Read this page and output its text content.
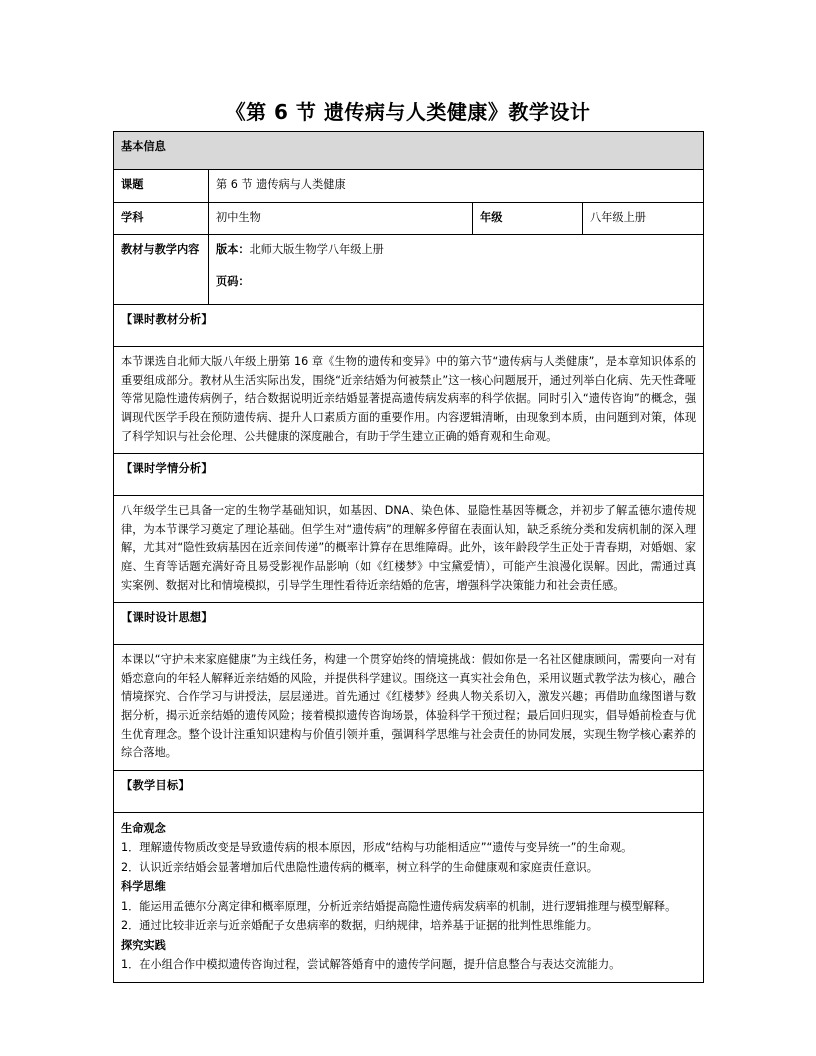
《第 6 节 遗传病与人类健康》教学设计
基本信息			
课题	第 6 节 遗传病与人类健康		
学科	初中生物	年级	八年级上册
教材与教学内容	版本：北师大版生物学八年级上册

页码：		

【课时教材分析】			

本节课选自北师大版八年级上册第 16 章《生物的遗传和变异》中的第六节“遗传病与人类健康”，是本章知识体系的重要组成部分。教材从生活实际出发，围绕“近亲结婚为何被禁止”这一核心问题展开，通过列举白化病、先天性聋哑等常见隐性遗传病例子，结合数据说明近亲结婚显著提高遗传病发病率的科学依据。同时引入“遗传咨询”的概念，强调现代医学手段在预防遗传病、提升人口素质方面的重要作用。内容逻辑清晰，由现象到本质，由问题到对策，体现了科学知识与社会伦理、公共健康的深度融合，有助于学生建立正确的婚育观和生命观。			

【课时学情分析】			

八年级学生已具备一定的生物学基础知识，如基因、DNA、染色体、显隐性基因等概念，并初步了解孟德尔遗传规律，为本节课学习奠定了理论基础。但学生对“遗传病”的理解多停留在表面认知，缺乏系统分类和发病机制的深入理解，尤其对“隐性致病基因在近亲间传递”的概率计算存在思维障碍。此外，该年龄段学生正处于青春期，对婚姻、家庭、生育等话题充满好奇且易受影视作品影响（如《红楼梦》中宝黛爱情），可能产生浪漫化误解。因此，需通过真实案例、数据对比和情境模拟，引导学生理性看待近亲结婚的危害，增强科学决策能力和社会责任感。			

【课时设计思想】			

本课以“守护未来家庭健康”为主线任务，构建一个贯穿始终的情境挑战：假如你是一名社区健康顾问，需要向一对有婚恋意向的年轻人解释近亲结婚的风险，并提供科学建议。围绕这一真实社会角色，采用议题式教学法为核心，融合情境探究、合作学习与讲授法，层层递进。首先通过《红楼梦》经典人物关系切入，激发兴趣；再借助血缘图谱与数据分析，揭示近亲结婚的遗传风险；接着模拟遗传咨询场景，体验科学干预过程；最后回归现实，倡导婚前检查与优生优育理念。整个设计注重知识建构与价值引领并重，强调科学思维与社会责任的协同发展，实现生物学核心素养的综合落地。			

【教学目标】			

生命观念

1．理解遗传物质改变是导致遗传病的根本原因，形成“结构与功能相适应”“遗传与变异统一”的生命观。

2．认识近亲结婚会显著增加后代患隐性遗传病的概率，树立科学的生命健康观和家庭责任意识。

科学思维

1．能运用孟德尔分离定律和概率原理，分析近亲结婚提高隐性遗传病发病率的机制，进行逻辑推理与模型解释。

2．通过比较非近亲与近亲婚配子女患病率的数据，归纳规律，培养基于证据的批判性思维能力。

探究实践

1．在小组合作中模拟遗传咨询过程，尝试解答婚育中的遗传学问题，提升信息整合与表达交流能力。
